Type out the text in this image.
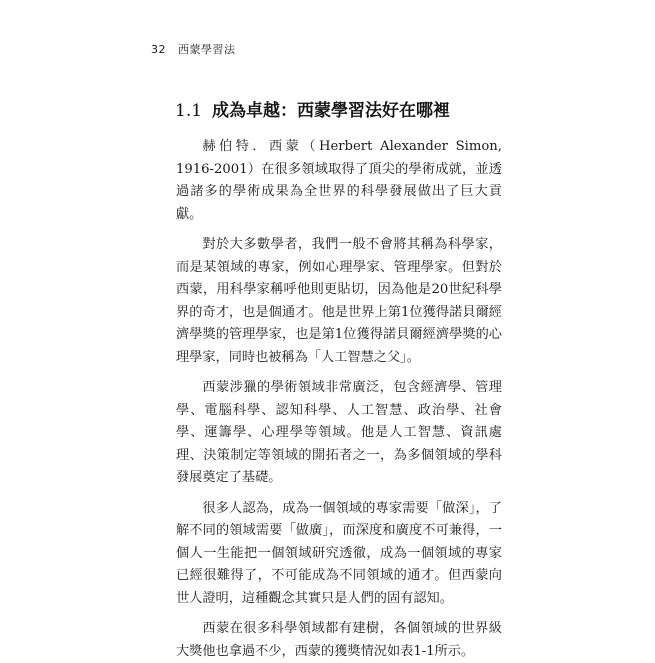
32 西蒙學習法
1.1 成為卓越：西蒙學習法好在哪裡

赫伯特．西蒙（Herbert Alexander Simon, 1916-2001）在很多領域取得了頂尖的學術成就，並透過諸多的學術成果為全世界的科學發展做出了巨大貢獻。

對於大多數學者，我們一般不會將其稱為科學家，而是某領域的專家，例如心理學家、管理學家。但對於西蒙，用科學家稱呼他則更貼切，因為他是20世紀科學界的奇才，也是個通才。他是世界上第1位獲得諾貝爾經濟學獎的管理學家，也是第1位獲得諾貝爾經濟學獎的心理學家，同時也被稱為「人工智慧之父」。

西蒙涉獵的學術領域非常廣泛，包含經濟學、管理學、電腦科學、認知科學、人工智慧、政治學、社會學、運籌學、心理學等領域。他是人工智慧、資訊處理、決策制定等領域的開拓者之一，為多個領域的學科發展奠定了基礎。

很多人認為，成為一個領域的專家需要「做深」，了解不同的領域需要「做廣」，而深度和廣度不可兼得，一個人一生能把一個領域研究透徹，成為一個領域的專家已經很難得了，不可能成為不同領域的通才。但西蒙向世人證明，這種觀念其實只是人們的固有認知。

西蒙在很多科學領域都有建樹，各個領域的世界級大獎他也拿過不少，西蒙的獲獎情況如表1-1所示。
